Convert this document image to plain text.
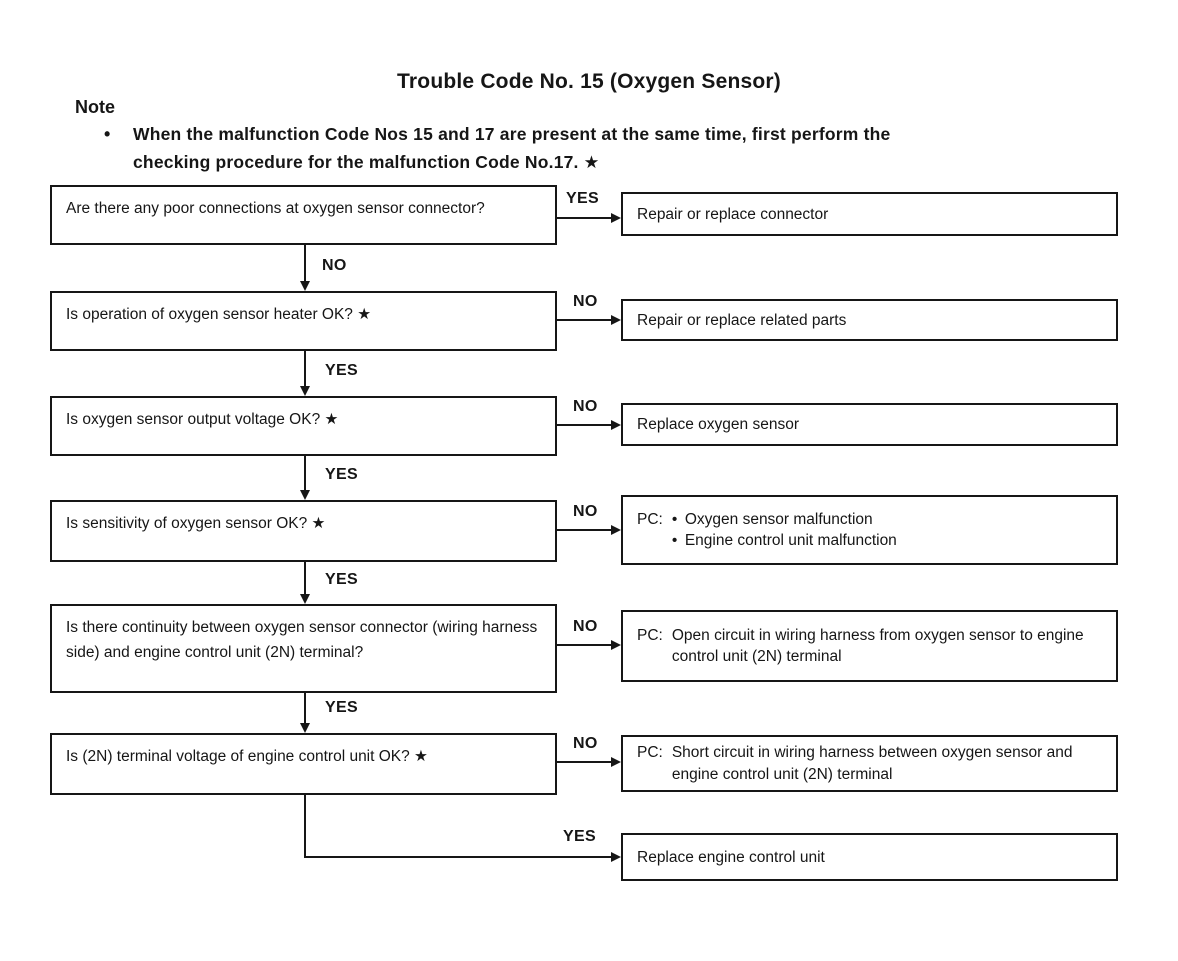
Trouble Code No. 15 (Oxygen Sensor)
Note
•	When the malfunction Code Nos 15 and 17 are present at the same time, first perform the
checking procedure for the malfunction Code No.17. ★
Are there any poor connections at oxygen sensor connector?
Is operation of oxygen sensor heater OK? ★
Is oxygen sensor output voltage OK? ★
Is sensitivity of oxygen sensor OK? ★
Is there continuity between oxygen sensor connector (wiring harness side) and engine control unit (2N) terminal?
Is (2N) terminal voltage of engine control unit OK? ★
Repair or replace connector
Repair or replace related parts
Replace oxygen sensor
PC: • Oxygen sensor malfunction
• Engine control unit malfunction
PC: Open circuit in wiring harness from oxygen sensor to engine control unit (2N) terminal
PC: Short circuit in wiring harness between oxygen sensor and engine control unit (2N) terminal
Replace engine control unit
YES
NO
NO
NO
NO
NO
NO
YES
YES
YES
YES
YES
